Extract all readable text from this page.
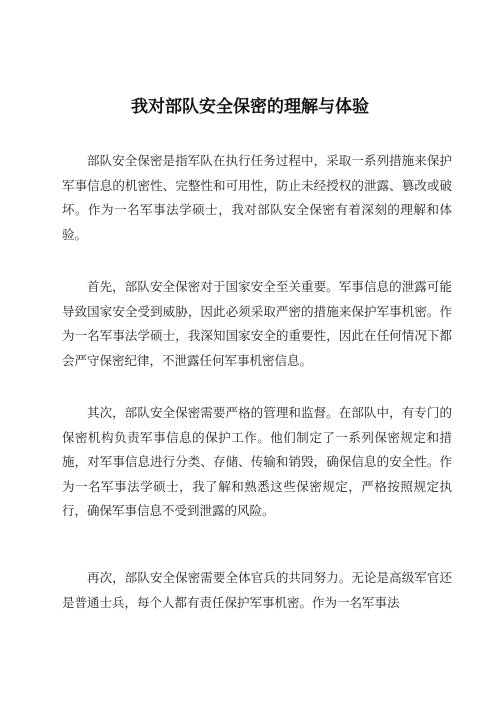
我对部队安全保密的理解与体验

部队安全保密是指军队在执行任务过程中，采取一系列措施来保护军事信息的机密性、完整性和可用性，防止未经授权的泄露、篡改或破坏。作为一名军事法学硕士，我对部队安全保密有着深刻的理解和体验。

首先，部队安全保密对于国家安全至关重要。军事信息的泄露可能导致国家安全受到威胁，因此必须采取严密的措施来保护军事机密。作为一名军事法学硕士，我深知国家安全的重要性，因此在任何情况下都会严守保密纪律，不泄露任何军事机密信息。

其次，部队安全保密需要严格的管理和监督。在部队中，有专门的保密机构负责军事信息的保护工作。他们制定了一系列保密规定和措施，对军事信息进行分类、存储、传输和销毁，确保信息的安全性。作为一名军事法学硕士，我了解和熟悉这些保密规定，严格按照规定执行，确保军事信息不受到泄露的风险。

再次，部队安全保密需要全体官兵的共同努力。无论是高级军官还是普通士兵，每个人都有责任保护军事机密。作为一名军事法
